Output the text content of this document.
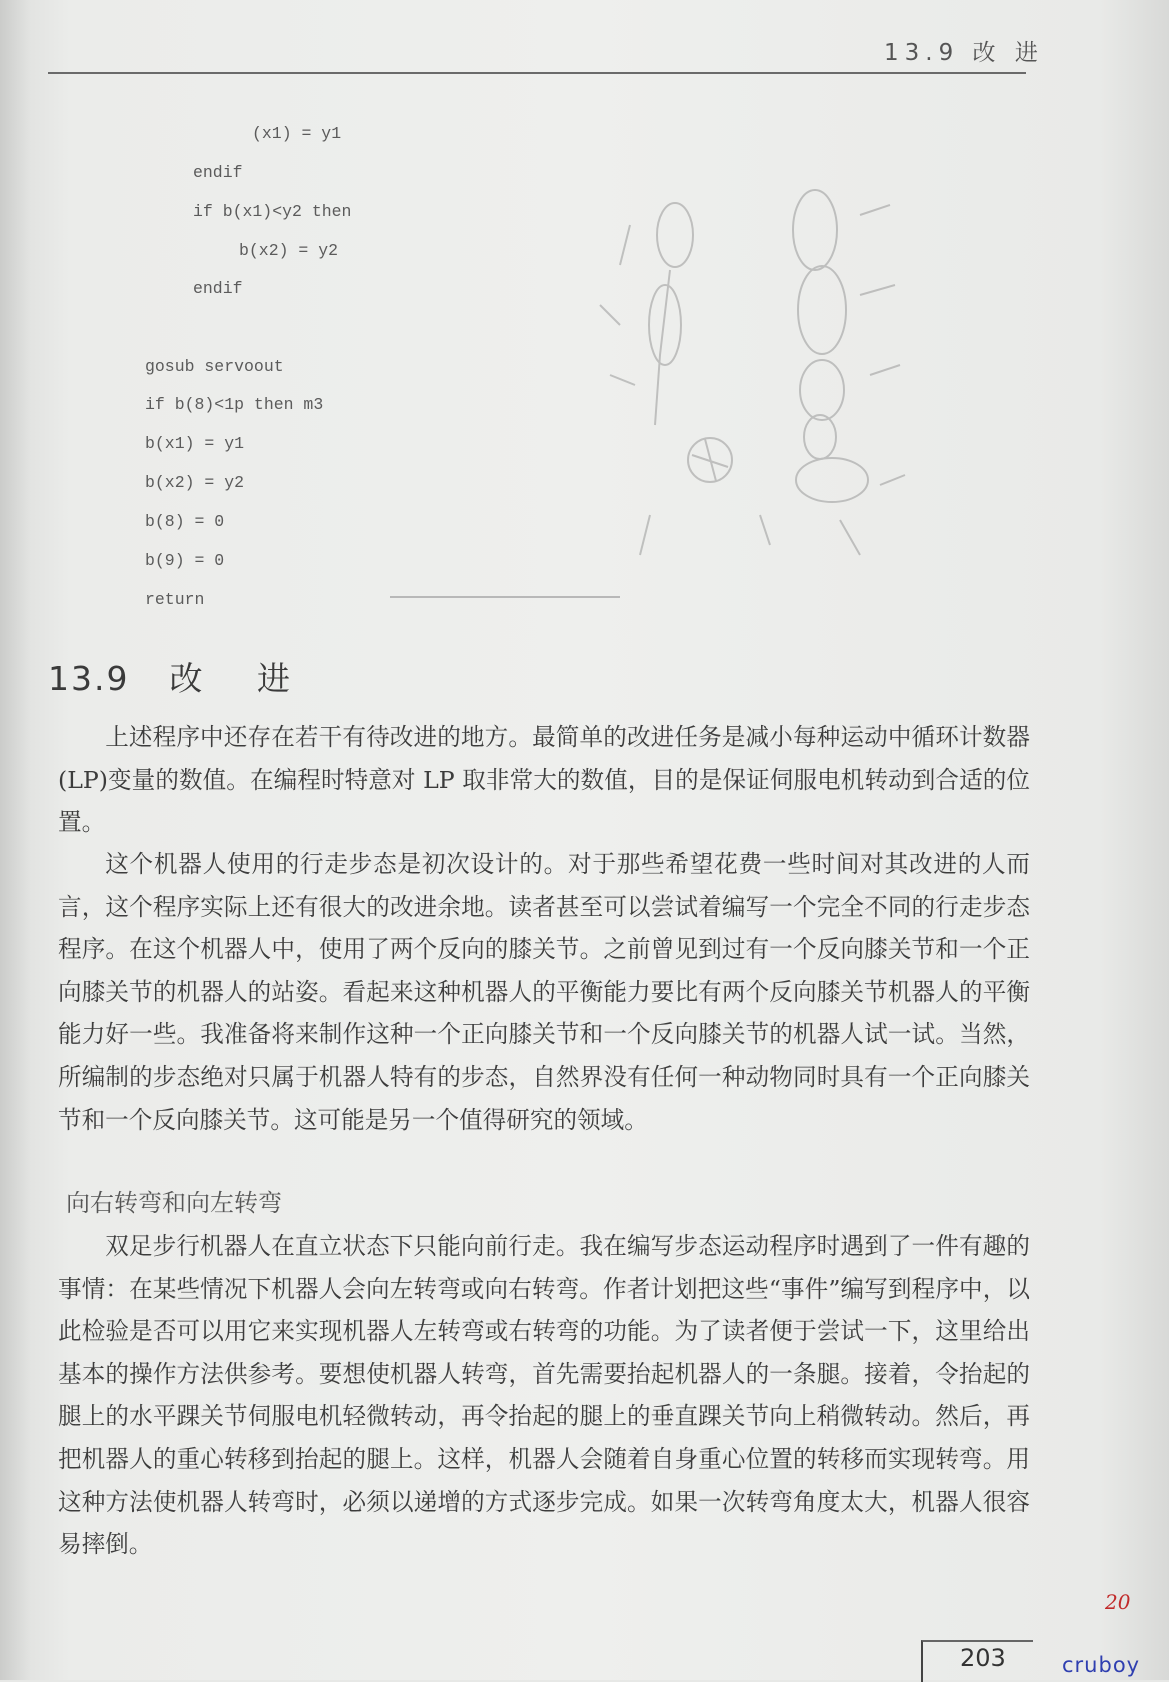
13.9 改 进
(x1) = y1
endif
if b(x1)<y2 then
b(x2) = y2
endif
gosub servoout
if b(8)<1p then m3
b(x1) = y1
b(x2) = y2
b(8) = 0
b(9) = 0
return
13.9 改 进

上述程序中还存在若干有待改进的地方。最简单的改进任务是减小每种运动中循环计数器(LP)变量的数值。在编程时特意对 LP 取非常大的数值，目的是保证伺服电机转动到合适的位置。

这个机器人使用的行走步态是初次设计的。对于那些希望花费一些时间对其改进的人而言，这个程序实际上还有很大的改进余地。读者甚至可以尝试着编写一个完全不同的行走步态程序。在这个机器人中，使用了两个反向的膝关节。之前曾见到过有一个反向膝关节和一个正向膝关节的机器人的站姿。看起来这种机器人的平衡能力要比有两个反向膝关节机器人的平衡能力好一些。我准备将来制作这种一个正向膝关节和一个反向膝关节的机器人试一试。当然，所编制的步态绝对只属于机器人特有的步态，自然界没有任何一种动物同时具有一个正向膝关节和一个反向膝关节。这可能是另一个值得研究的领域。

向右转弯和向左转弯

双足步行机器人在直立状态下只能向前行走。我在编写步态运动程序时遇到了一件有趣的事情：在某些情况下机器人会向左转弯或向右转弯。作者计划把这些“事件”编写到程序中，以此检验是否可以用它来实现机器人左转弯或右转弯的功能。为了读者便于尝试一下，这里给出基本的操作方法供参考。要想使机器人转弯，首先需要抬起机器人的一条腿。接着，令抬起的腿上的水平踝关节伺服电机轻微转动，再令抬起的腿上的垂直踝关节向上稍微转动。然后，再把机器人的重心转移到抬起的腿上。这样，机器人会随着自身重心位置的转移而实现转弯。用这种方法使机器人转弯时，必须以递增的方式逐步完成。如果一次转弯角度太大，机器人很容易摔倒。

20
203	cruboy
